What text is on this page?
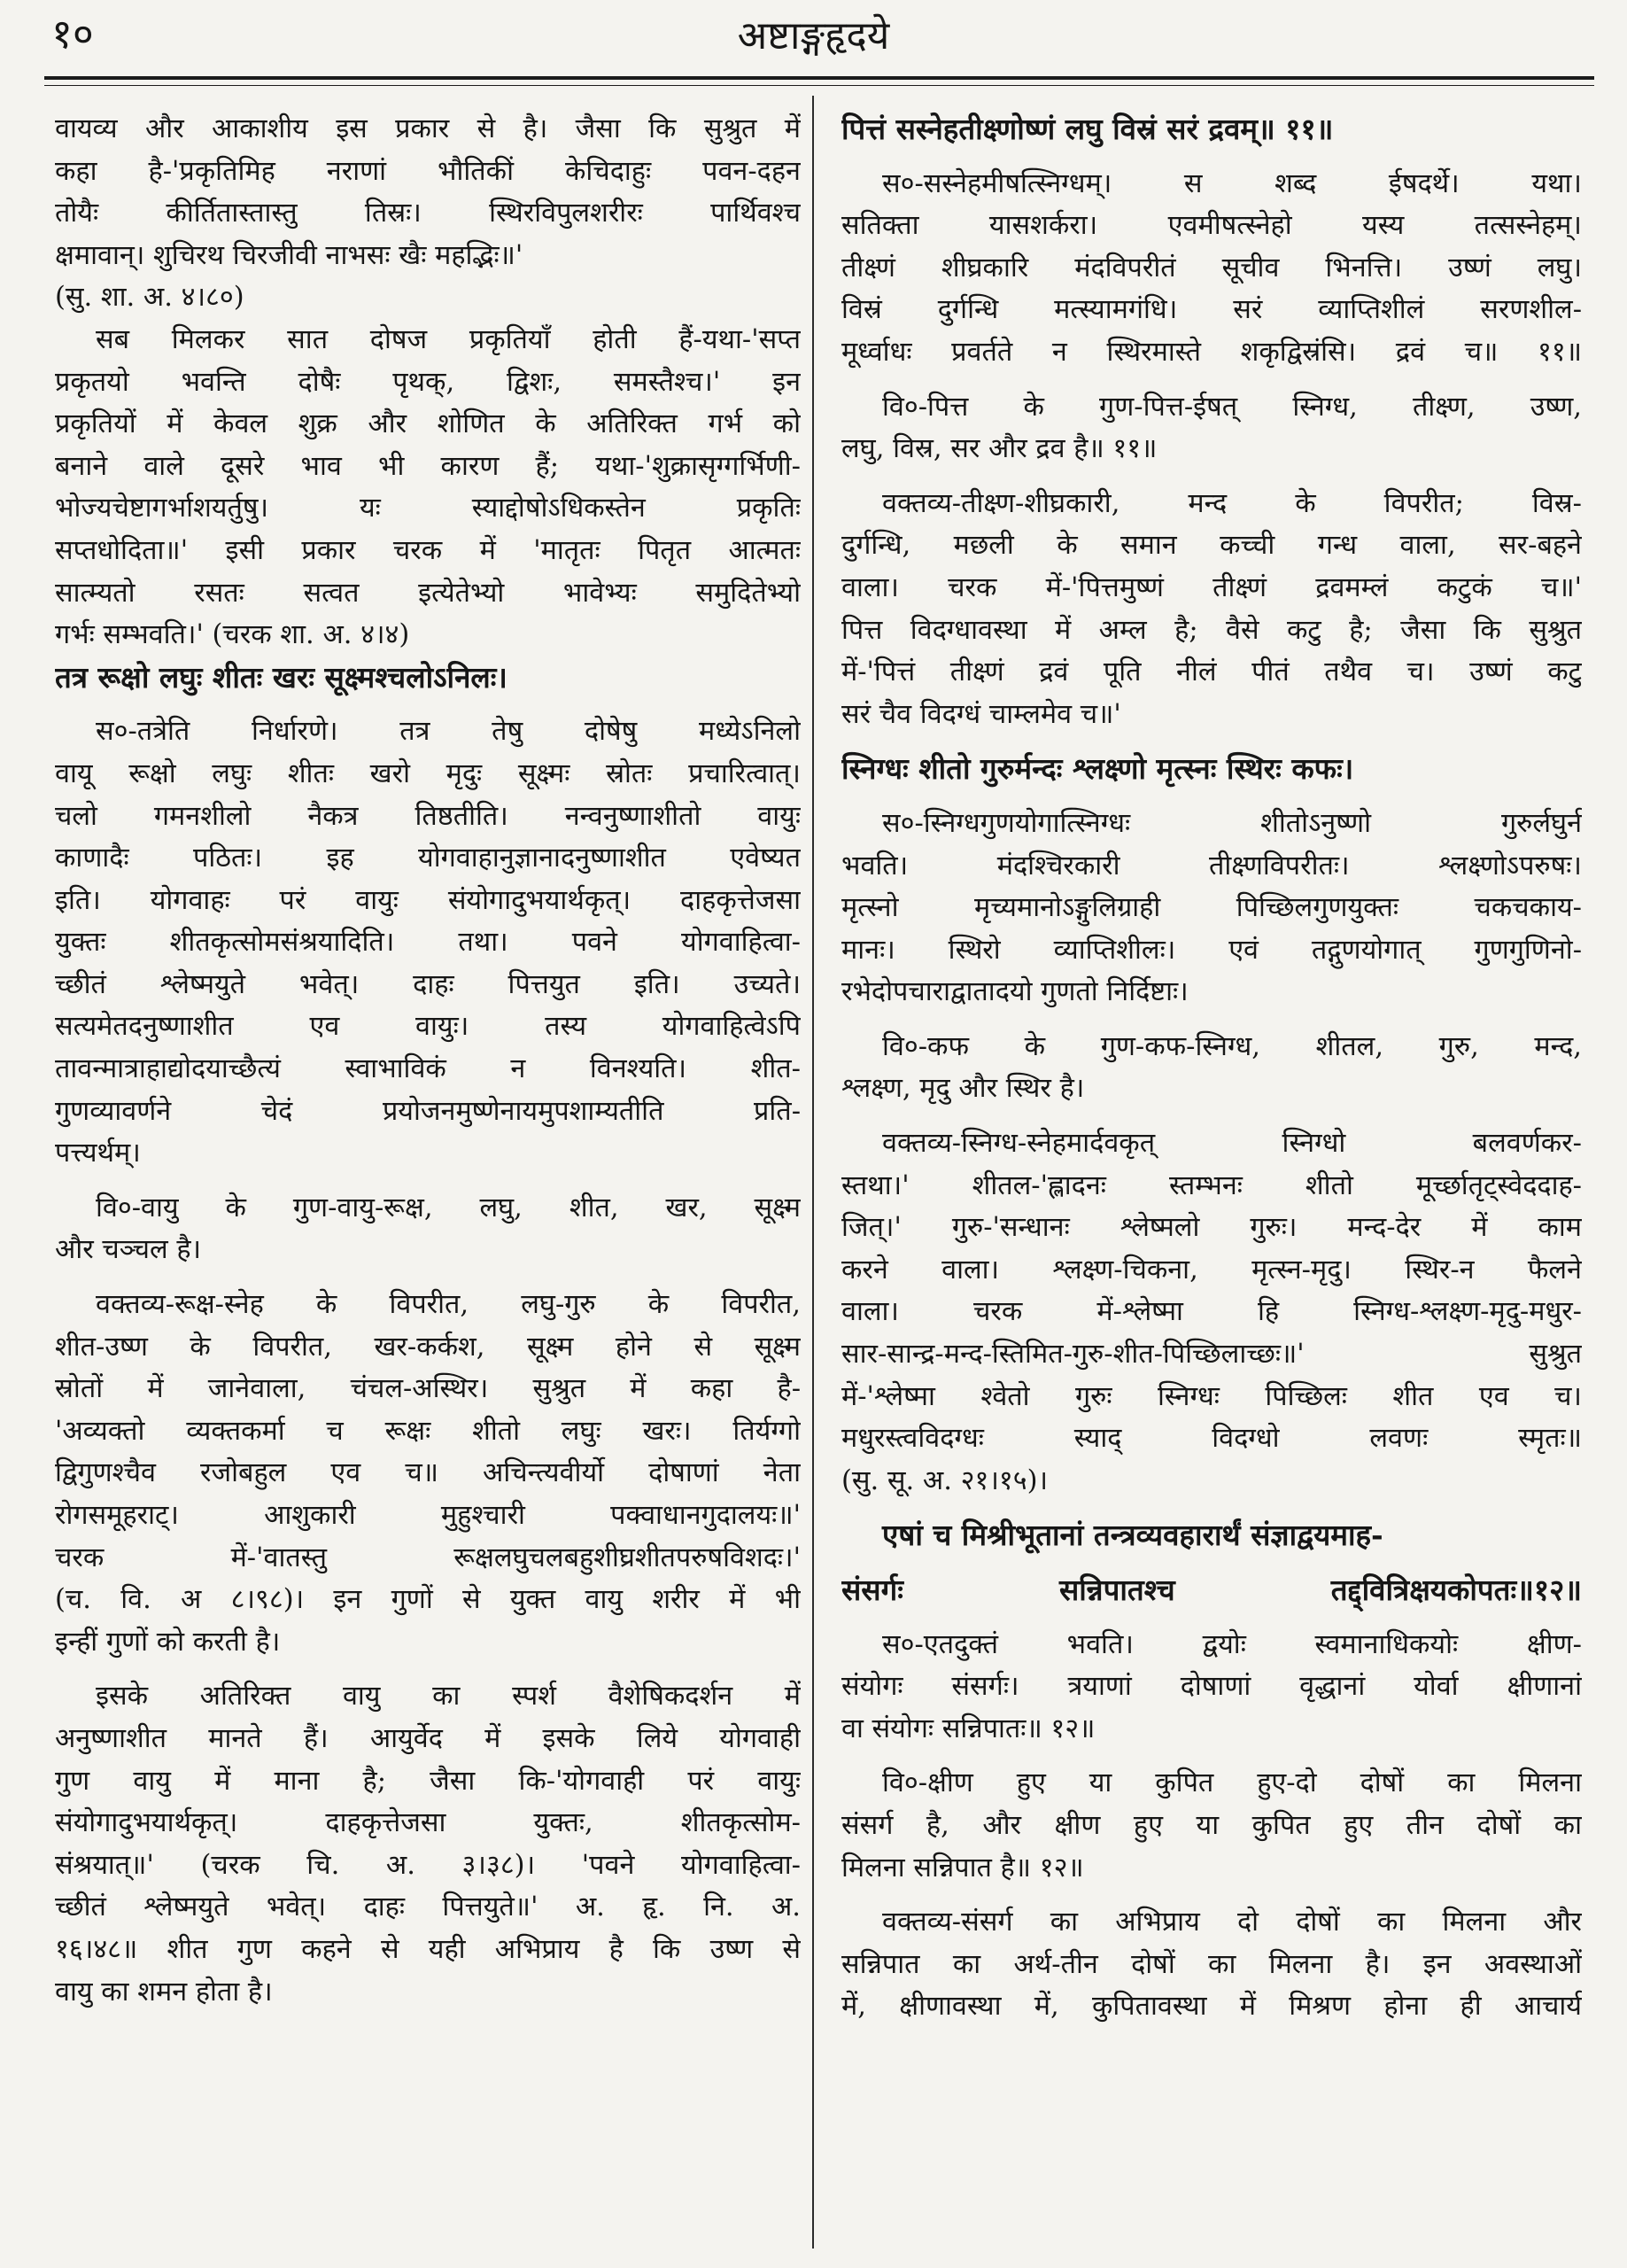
१०	अष्टाङ्गहृदये
वायव्य और आकाशीय इस प्रकार से है। जैसा कि सुश्रुत में
कहा है-'प्रकृतिमिह नराणां भौतिकीं केचिदाहुः पवन-दहन
तोयैः कीर्तितास्तास्तु तिस्रः। स्थिरविपुलशरीरः पार्थिवश्च
क्षमावान्। शुचिरथ चिरजीवी नाभसः खैः महद्भिः॥'
(सु. शा. अ. ४।८०)
सब मिलकर सात दोषज प्रकृतियाँ होती हैं-यथा-'सप्त
प्रकृतयो भवन्ति दोषैः पृथक्, द्विशः, समस्तैश्च।' इन
प्रकृतियों में केवल शुक्र और शोणित के अतिरिक्त गर्भ को
बनाने वाले दूसरे भाव भी कारण हैं; यथा-'शुक्रासृग्गर्भिणी-
भोज्यचेष्टागर्भाशयर्तुषु। यः स्याद्दोषोऽधिकस्तेन प्रकृतिः
सप्तधोदिता॥' इसी प्रकार चरक में 'मातृतः पितृत आत्मतः
सात्म्यतो रसतः सत्वत इत्येतेभ्यो भावेभ्यः समुदितेभ्यो
गर्भः सम्भवति।' (चरक शा. अ. ४।४)
तत्र रूक्षो लघुः शीतः खरः सूक्ष्मश्चलोऽनिलः।
स०-तत्रेति निर्धारणे। तत्र तेषु दोषेषु मध्येऽनिलो
वायू रूक्षो लघुः शीतः खरो मृदुः सूक्ष्मः स्रोतः प्रचारित्वात्।
चलो गमनशीलो नैकत्र तिष्ठतीति। नन्वनुष्णाशीतो वायुः
काणादैः पठितः। इह योगवाहानुज्ञानादनुष्णाशीत एवेष्यत
इति। योगवाहः परं वायुः संयोगादुभयार्थकृत्। दाहकृत्तेजसा
युक्तः शीतकृत्सोमसंश्रयादिति। तथा। पवने योगवाहित्वा-
च्छीतं श्लेष्मयुते भवेत्। दाहः पित्तयुत इति। उच्यते।
सत्यमेतदनुष्णाशीत एव वायुः। तस्य योगवाहित्वेऽपि
तावन्मात्राहाद्योदयाच्छैत्यं स्वाभाविकं न विनश्यति। शीत-
गुणव्यावर्णने चेदं प्रयोजनमुष्णेनायमुपशाम्यतीति प्रति-
पत्त्यर्थम्।
वि०-वायु के गुण-वायु-रूक्ष, लघु, शीत, खर, सूक्ष्म
और चञ्चल है।
वक्तव्य-रूक्ष-स्नेह के विपरीत, लघु-गुरु के विपरीत,
शीत-उष्ण के विपरीत, खर-कर्कश, सूक्ष्म होने से सूक्ष्म
स्रोतों में जानेवाला, चंचल-अस्थिर। सुश्रुत में कहा है-
'अव्यक्तो व्यक्तकर्मा च रूक्षः शीतो लघुः खरः। तिर्यग्गो
द्विगुणश्चैव रजोबहुल एव च॥ अचिन्त्यवीर्यो दोषाणां नेता
रोगसमूहराट्। आशुकारी मुहुश्चारी पक्वाधानगुदालयः॥'
चरक में-'वातस्तु रूक्षलघुचलबहुशीघ्रशीतपरुषविशदः।'
(च. वि. अ ८।९८)। इन गुणों से युक्त वायु शरीर में भी
इन्हीं गुणों को करती है।
इसके अतिरिक्त वायु का स्पर्श वैशेषिकदर्शन में
अनुष्णाशीत मानते हैं। आयुर्वेद में इसके लिये योगवाही
गुण वायु में माना है; जैसा कि-'योगवाही परं वायुः
संयोगादुभयार्थकृत्। दाहकृत्तेजसा युक्तः, शीतकृत्सोम-
संश्रयात्॥' (चरक चि. अ. ३।३८)। 'पवने योगवाहित्वा-
च्छीतं श्लेष्मयुते भवेत्। दाहः पित्तयुते॥' अ. हृ. नि. अ.
१६।४८॥ शीत गुण कहने से यही अभिप्राय है कि उष्ण से
वायु का शमन होता है।
पित्तं सस्नेहतीक्ष्णोष्णं लघु विस्रं सरं द्रवम्॥ ११॥
स०-सस्नेहमीषत्स्निग्धम्। स शब्द ईषदर्थे। यथा।
सतिक्ता यासशर्करा। एवमीषत्स्नेहो यस्य तत्सस्नेहम्।
तीक्ष्णं शीघ्रकारि मंदविपरीतं सूचीव भिनत्ति। उष्णं लघु।
विस्रं दुर्गन्धि मत्स्यामगंधि। सरं व्याप्तिशीलं सरणशील-
मूर्ध्वाधः प्रवर्तते न स्थिरमास्ते शकृद्विस्रंसि। द्रवं च॥ ११॥
वि०-पित्त के गुण-पित्त-ईषत् स्निग्ध, तीक्ष्ण, उष्ण,
लघु, विस्र, सर और द्रव है॥ ११॥
वक्तव्य-तीक्ष्ण-शीघ्रकारी, मन्द के विपरीत; विस्र-
दुर्गन्धि, मछली के समान कच्ची गन्ध वाला, सर-बहने
वाला। चरक में-'पित्तमुष्णं तीक्ष्णं द्रवमम्लं कटुकं च॥'
पित्त विदग्धावस्था में अम्ल है; वैसे कटु है; जैसा कि सुश्रुत
में-'पित्तं तीक्ष्णं द्रवं पूति नीलं पीतं तथैव च। उष्णं कटु
सरं चैव विदग्धं चाम्लमेव च॥'
स्निग्धः शीतो गुरुर्मन्दः श्लक्ष्णो मृत्स्नः स्थिरः कफः।
स०-स्निग्धगुणयोगात्स्निग्धः शीतोऽनुष्णो गुरुर्लघुर्न
भवति। मंदश्चिरकारी तीक्ष्णविपरीतः। श्लक्ष्णोऽपरुषः।
मृत्स्नो मृच्यमानोऽङ्गुलिग्राही पिच्छिलगुणयुक्तः चकचकाय-
मानः। स्थिरो व्याप्तिशीलः। एवं तद्गुणयोगात् गुणगुणिनो-
रभेदोपचाराद्वातादयो गुणतो निर्दिष्टाः।
वि०-कफ के गुण-कफ-स्निग्ध, शीतल, गुरु, मन्द,
श्लक्ष्ण, मृदु और स्थिर है।
वक्तव्य-स्निग्ध-स्नेहमार्दवकृत् स्निग्धो बलवर्णकर-
स्तथा।' शीतल-'ह्लादनः स्तम्भनः शीतो मूर्च्छातृट्स्वेददाह-
जित्।' गुरु-'सन्धानः श्लेष्मलो गुरुः। मन्द-देर में काम
करने वाला। श्लक्ष्ण-चिकना, मृत्स्न-मृदु। स्थिर-न फैलने
वाला। चरक में-श्लेष्मा हि स्निग्ध-श्लक्ष्ण-मृदु-मधुर-
सार-सान्द्र-मन्द-स्तिमित-गुरु-शीत-पिच्छिलाच्छः॥' सुश्रुत
में-'श्लेष्मा श्वेतो गुरुः स्निग्धः पिच्छिलः शीत एव च।
मधुरस्त्वविदग्धः स्याद् विदग्धो लवणः स्मृतः॥
(सु. सू. अ. २१।१५)।
एषां च मिश्रीभूतानां तन्त्रव्यवहारार्थं संज्ञाद्वयमाह-
संसर्गः सन्निपातश्च तद्द्वित्रिक्षयकोपतः॥१२॥
स०-एतदुक्तं भवति। द्वयोः स्वमानाधिकयोः क्षीण-
संयोगः संसर्गः। त्रयाणां दोषाणां वृद्धानां योर्वा क्षीणानां
वा संयोगः सन्निपातः॥ १२॥
वि०-क्षीण हुए या कुपित हुए-दो दोषों का मिलना
संसर्ग है, और क्षीण हुए या कुपित हुए तीन दोषों का
मिलना सन्निपात है॥ १२॥
वक्तव्य-संसर्ग का अभिप्राय दो दोषों का मिलना और
सन्निपात का अर्थ-तीन दोषों का मिलना है। इन अवस्थाओं
में, क्षीणावस्था में, कुपितावस्था में मिश्रण होना ही आचार्य
